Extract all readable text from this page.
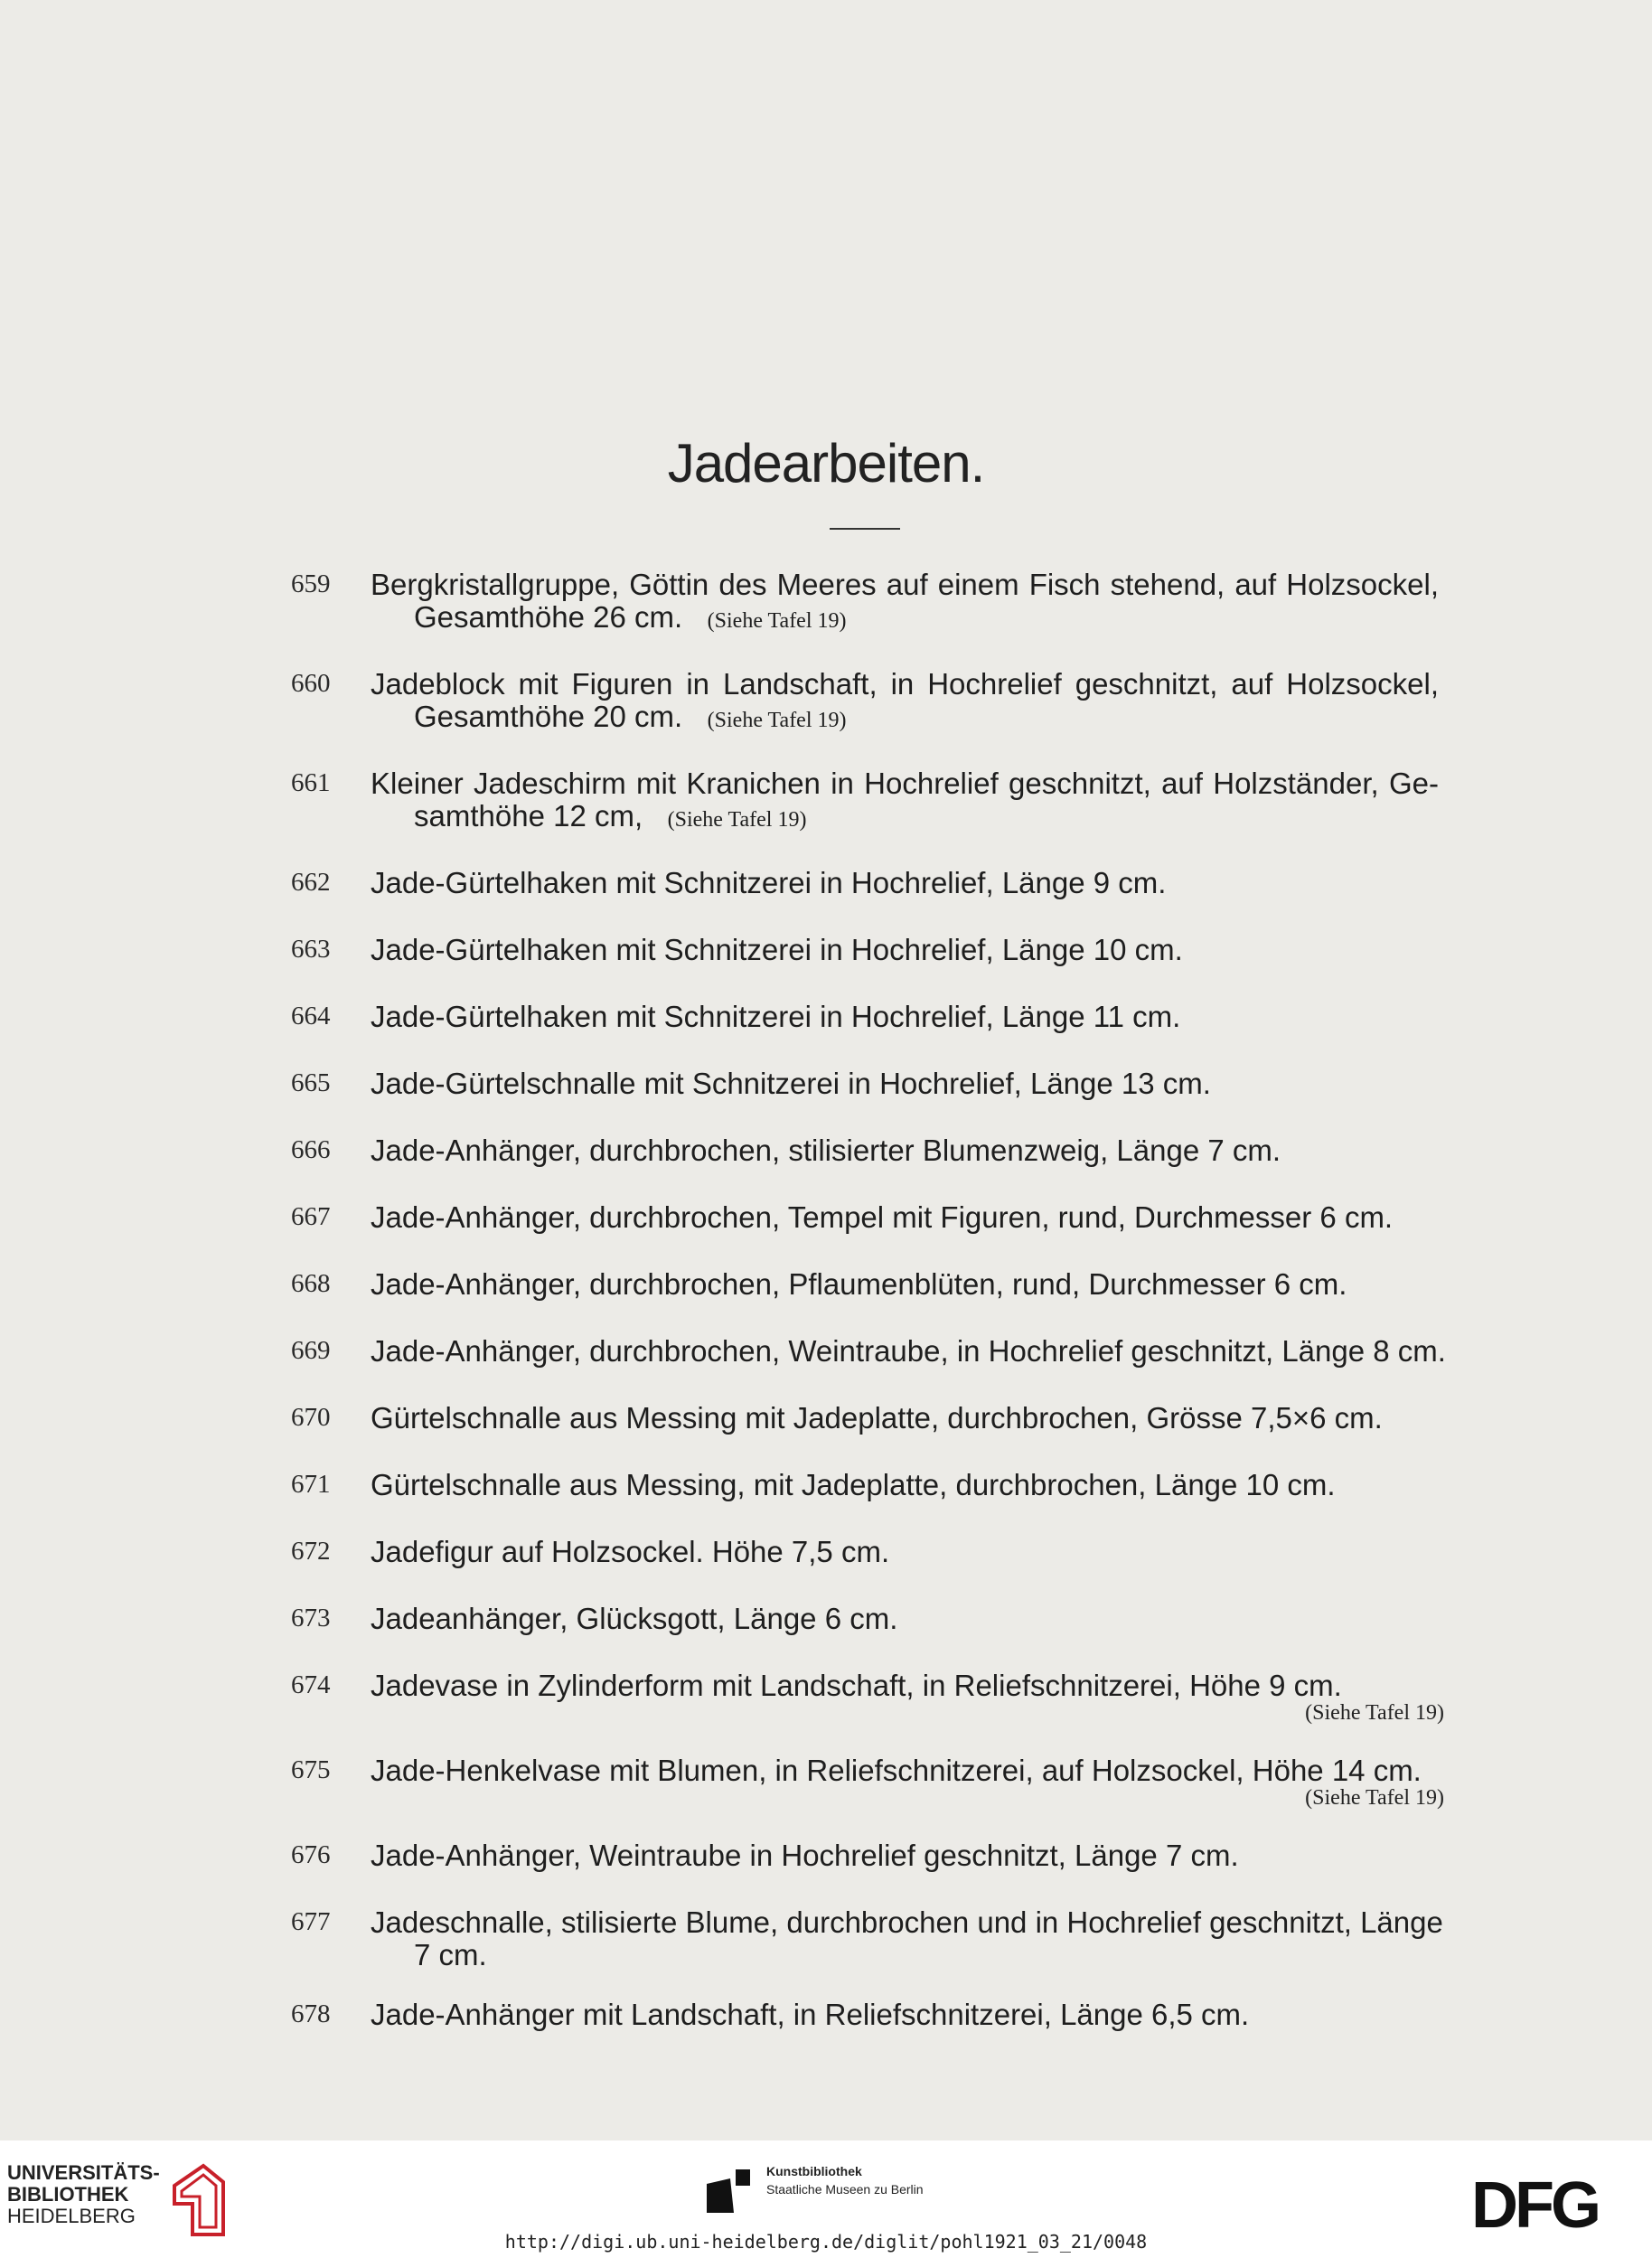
Jadearbeiten.
659 Bergkristallgruppe, Göttin des Meeres auf einem Fisch stehend, auf Holzsockel,
Gesamthöhe 26 cm. (Siehe Tafel 19)
660 Jadeblock mit Figuren in Landschaft, in Hochrelief geschnitzt, auf Holzsockel,
Gesamthöhe 20 cm. (Siehe Tafel 19)
661 Kleiner Jadeschirm mit Kranichen in Hochrelief geschnitzt, auf Holzständer, Ge-
samthöhe 12 cm, (Siehe Tafel 19)
662 Jade-Gürtelhaken mit Schnitzerei in Hochrelief, Länge 9 cm.
663 Jade-Gürtelhaken mit Schnitzerei in Hochrelief, Länge 10 cm.
664 Jade-Gürtelhaken mit Schnitzerei in Hochrelief, Länge 11 cm.
665 Jade-Gürtelschnalle mit Schnitzerei in Hochrelief, Länge 13 cm.
666 Jade-Anhänger, durchbrochen, stilisierter Blumenzweig, Länge 7 cm.
667 Jade-Anhänger, durchbrochen, Tempel mit Figuren, rund, Durchmesser 6 cm.
668 Jade-Anhänger, durchbrochen, Pflaumenblüten, rund, Durchmesser 6 cm.
669 Jade-Anhänger, durchbrochen, Weintraube, in Hochrelief geschnitzt, Länge 8 cm.
670 Gürtelschnalle aus Messing mit Jadeplatte, durchbrochen, Grösse 7,5×6 cm.
671 Gürtelschnalle aus Messing, mit Jadeplatte, durchbrochen, Länge 10 cm.
672 Jadefigur auf Holzsockel. Höhe 7,5 cm.
673 Jadeanhänger, Glücksgott, Länge 6 cm.
674 Jadevase in Zylinderform mit Landschaft, in Reliefschnitzerei, Höhe 9 cm.
(Siehe Tafel 19)
675 Jade-Henkelvase mit Blumen, in Reliefschnitzerei, auf Holzsockel, Höhe 14 cm.
(Siehe Tafel 19)
676 Jade-Anhänger, Weintraube in Hochrelief geschnitzt, Länge 7 cm.
677 Jadeschnalle, stilisierte Blume, durchbrochen und in Hochrelief geschnitzt, Länge
7 cm.
678 Jade-Anhänger mit Landschaft, in Reliefschnitzerei, Länge 6,5 cm.
UNIVERSITÄTS-
BIBLIOTHEK
HEIDELBERG
Kunstbibliothek
Staatliche Museen zu Berlin	DFG
http://digi.ub.uni-heidelberg.de/diglit/pohl1921_03_21/0048
